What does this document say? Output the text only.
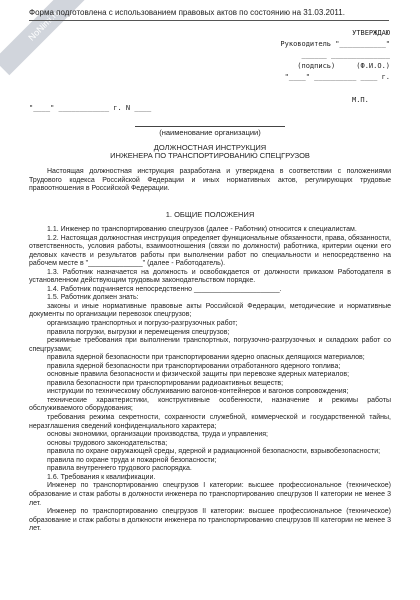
NoNimi.ru
Форма подготовлена с использованием правовых актов по состоянию на 31.03.2011.
УТВЕРЖДАЮ
Руководитель "___________"
______ ______________
(подпись)     (Ф.И.О.)
"____" __________ ____ г.
М.П.
"____" ____________ г. N ____
(наименование организации)
ДОЛЖНОСТНАЯ ИНСТРУКЦИЯ
ИНЖЕНЕРА ПО ТРАНСПОРТИРОВАНИЮ СПЕЦГРУЗОВ
Настоящая должностная инструкция разработана и утверждена в соответствии с положениями Трудового кодекса Российской Федерации и иных нормативных актов, регулирующих трудовые правоотношения в Российской Федерации.
1. ОБЩИЕ ПОЛОЖЕНИЯ

1.1. Инженер по транспортированию спецгрузов (далее - Работник) относится к специалистам.

1.2. Настоящая должностная инструкция определяет функциональные обязанности, права, обязанности, ответственность, условия работы, взаимоотношения (связи по должности) работника, критерии оценки его деловых качеств и результатов работы при выполнении работ по специальности и непосредственно на рабочем месте в "______________" (далее - Работодатель).

1.3. Работник назначается на должность и освобождается от должности приказом Работодателя в установленном действующим трудовым законодательством порядке.

1.4. Работник подчиняется непосредственно ______________________.

1.5. Работник должен знать:

законы и иные нормативные правовые акты Российской Федерации, методические и нормативные документы по организации перевозок спецгрузов;

организацию транспортных и погрузо-разгрузочных работ;

правила погрузки, выгрузки и перемещения спецгрузов;

режимные требования при выполнении транспортных, погрузочно-разгрузочных и складских работ со спецгрузами;

правила ядерной безопасности при транспортировании ядерно опасных делящихся материалов;

правила ядерной безопасности при транспортировании отработанного ядерного топлива;

основные правила безопасности и физической защиты при перевозке ядерных материалов;

правила безопасности при транспортировании радиоактивных веществ;

инструкции по техническому обслуживанию вагонов-контейнеров и вагонов сопровождения;

технические характеристики, конструктивные особенности, назначение и режимы работы обслуживаемого оборудования;

требования режима секретности, сохранности служебной, коммерческой и государственной тайны, неразглашения сведений конфиденциального характера;

основы экономики, организации производства, труда и управления;

основы трудового законодательства;

правила по охране окружающей среды, ядерной и радиационной безопасности, взрывобезопасности;

правила по охране труда и пожарной безопасности;

правила внутреннего трудового распорядка.

1.6. Требования к квалификации.

Инженер по транспортированию спецгрузов I категории: высшее профессиональное (техническое) образование и стаж работы в должности инженера по транспортированию спецгрузов II категории не менее 3 лет.

Инженер по транспортированию спецгрузов II категории: высшее профессиональное (техническое) образование и стаж работы в должности инженера по транспортированию спецгрузов III категории не менее 3 лет.
